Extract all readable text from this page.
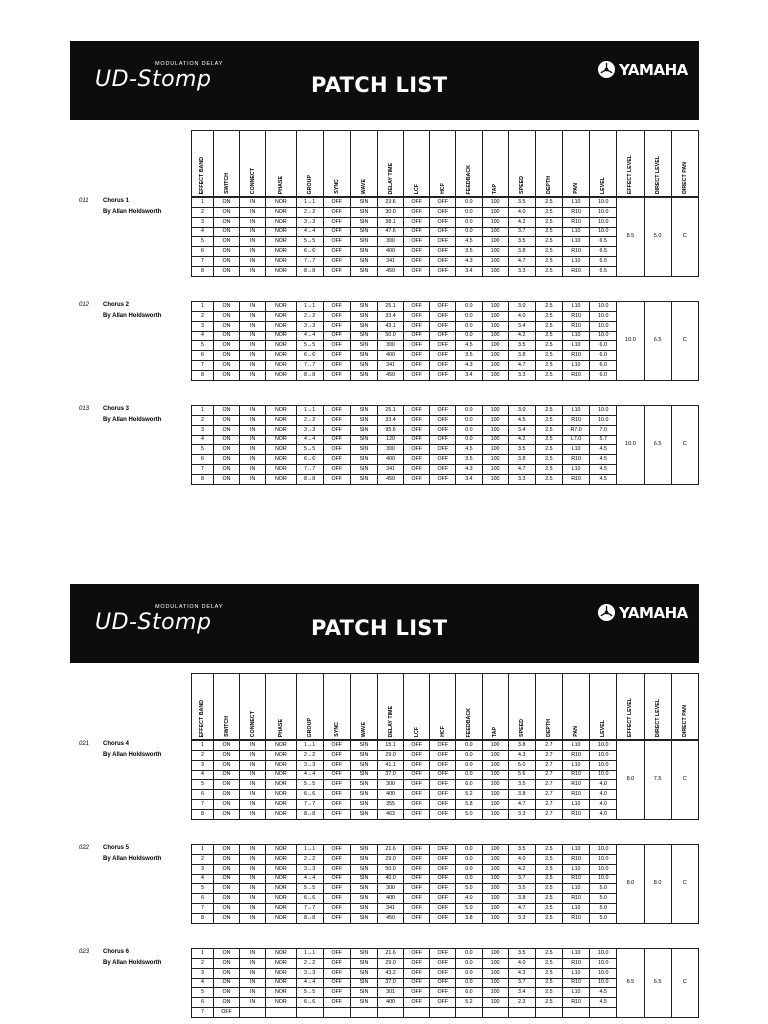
MODULATION DELAY
UD-Stomp	PATCH LIST
YAMAHA
MODULATION DELAY
UD-Stomp	PATCH LIST
YAMAHA
EFFECT BAND	SWITCH	CONNECT	PHASE	GROUP	SYNC	WAVE	DELAY TIME	LCF	HCF	FEEDBACK	TAP	SPEED	DEPTH	PAN	LEVEL	EFFECT LEVEL	DIRECT LEVEL	DIRECT PAN
EFFECT BAND	SWITCH	CONNECT	PHASE	GROUP	SYNC	WAVE	DELAY TIME	LCF	HCF	FEEDBACK	TAP	SPEED	DEPTH	PAN	LEVEL	EFFECT LEVEL	DIRECT LEVEL	DIRECT PAN
011 Chorus 1
By Allan Holdsworth
1	ON	IN	NOR	1→1	OFF	SIN	23.6	OFF	OFF	0.0	100	3.5	2.5	L10	10.0	8.5	5.0	C
2	ON	IN	NOR	2→2	OFF	SIN	30.0	OFF	OFF	0.0	100	4.0	2.5	R10	10.0			
3	ON	IN	NOR	3→3	OFF	SIN	38.1	OFF	OFF	0.0	100	4.2	2.5	R10	10.0			
4	ON	IN	NOR	4→4	OFF	SIN	47.6	OFF	OFF	0.0	100	3.7	2.5	L10	10.0			
5	ON	IN	NOR	5→5	OFF	SIN	300	OFF	OFF	4.5	100	3.5	2.5	L10	6.5			
6	ON	IN	NOR	6→6	OFF	SIN	400	OFF	OFF	3.5	100	3.8	2.5	R10	6.5			
7	ON	IN	NOR	7→7	OFF	SIN	341	OFF	OFF	4.3	100	4.7	2.5	L10	6.5			
8	ON	IN	NOR	8→8	OFF	SIN	450	OFF	OFF	3.4	100	3.3	2.5	R10	6.5			
012 Chorus 2
By Allan Holdsworth
1	ON	IN	NOR	1→1	OFF	SIN	25.1	OFF	OFF	0.0	100	3.0	2.5	L10	10.0	10.0	6.5	C
2	ON	IN	NOR	2→2	OFF	SIN	33.4	OFF	OFF	0.0	100	4.0	2.5	R10	10.0			
3	ON	IN	NOR	3→3	OFF	SIN	43.1	OFF	OFF	0.0	100	3.4	2.5	R10	10.0			
4	ON	IN	NOR	4→4	OFF	SIN	50.0	OFF	OFF	0.0	100	4.2	2.5	L10	10.0			
5	ON	IN	NOR	5→5	OFF	SIN	300	OFF	OFF	4.5	100	3.5	2.5	L10	6.0			
6	ON	IN	NOR	6→6	OFF	SIN	400	OFF	OFF	3.5	100	3.8	2.5	R10	6.0			
7	ON	IN	NOR	7→7	OFF	SIN	341	OFF	OFF	4.3	100	4.7	2.5	L10	6.0			
8	ON	IN	NOR	8→8	OFF	SIN	450	OFF	OFF	3.4	100	3.3	2.5	R10	6.0			
013 Chorus 3
By Allan Holdsworth
1	ON	IN	NOR	1→1	OFF	SIN	25.1	OFF	OFF	0.0	100	3.0	2.5	L10	10.0	10.0	6.5	C
2	ON	IN	NOR	2→2	OFF	SIN	33.4	OFF	OFF	0.0	100	4.5	2.5	R10	10.0			
3	ON	IN	NOR	3→3	OFF	SIN	95.6	OFF	OFF	0.0	100	3.4	2.5	R7.0	7.0			
4	ON	IN	NOR	4→4	OFF	SIN	120	OFF	OFF	0.0	100	4.2	2.5	L7.0	5.7			
5	ON	IN	NOR	5→5	OFF	SIN	300	OFF	OFF	4.5	100	3.5	2.5	L10	4.5			
6	ON	IN	NOR	6→6	OFF	SIN	400	OFF	OFF	3.5	100	3.8	2.5	R10	4.5			
7	ON	IN	NOR	7→7	OFF	SIN	341	OFF	OFF	4.3	100	4.7	2.5	L10	4.5			
8	ON	IN	NOR	8→8	OFF	SIN	450	OFF	OFF	3.4	100	3.3	2.5	R10	4.5			
021 Chorus 4
By Allan Holdsworth
1	ON	IN	NOR	1→1	OFF	SIN	15.1	OFF	OFF	0.0	100	3.8	2.7	L10	10.0	8.0	7.5	C
2	ON	IN	NOR	2→2	OFF	SIN	29.0	OFF	OFF	0.0	100	4.3	2.7	R10	10.0			
3	ON	IN	NOR	3→3	OFF	SIN	41.1	OFF	OFF	0.0	100	5.0	2.7	L10	10.0			
4	ON	IN	NOR	4→4	OFF	SIN	37.0	OFF	OFF	0.0	100	5.6	2.7	R10	10.0			
5	ON	IN	NOR	5→5	OFF	SIN	300	OFF	OFF	6.0	100	3.5	2.7	R10	4.0			
6	ON	IN	NOR	6→6	OFF	SIN	400	OFF	OFF	5.2	100	3.8	2.7	R10	4.0			
7	ON	IN	NOR	7→7	OFF	SIN	355	OFF	OFF	5.8	100	4.7	2.7	L10	4.0			
8	ON	IN	NOR	8→8	OFF	SIN	463	OFF	OFF	5.0	100	3.3	2.7	R10	4.0			
022 Chorus 5
By Allan Holdsworth
1	ON	IN	NOR	1→1	OFF	SIN	21.6	OFF	OFF	0.0	100	3.5	2.5	L10	10.0	8.0	8.0	C
2	ON	IN	NOR	2→2	OFF	SIN	29.0	OFF	OFF	0.0	100	4.0	2.5	R10	10.0			
3	ON	IN	NOR	3→3	OFF	SIN	50.0	OFF	OFF	0.0	100	4.2	2.5	L10	10.0			
4	ON	IN	NOR	4→4	OFF	SIN	40.0	OFF	OFF	0.0	100	3.7	2.5	R10	10.0			
5	ON	IN	NOR	5→5	OFF	SIN	300	OFF	OFF	5.0	100	3.5	2.5	L10	5.0			
6	ON	IN	NOR	6→6	OFF	SIN	400	OFF	OFF	4.0	100	3.8	2.5	R10	5.0			
7	ON	IN	NOR	7→7	OFF	SIN	341	OFF	OFF	5.0	100	4.7	2.5	L10	5.0			
8	ON	IN	NOR	8→8	OFF	SIN	450	OFF	OFF	3.8	100	3.3	2.5	R10	5.0			
023 Chorus 6
By Allan Holdsworth
1	ON	IN	NOR	1→1	OFF	SIN	21.6	OFF	OFF	0.0	100	3.5	2.5	L10	10.0	8.5	6.5	C
2	ON	IN	NOR	2→2	OFF	SIN	29.0	OFF	OFF	0.0	100	4.0	2.5	R10	10.0			
3	ON	IN	NOR	3→3	OFF	SIN	43.2	OFF	OFF	0.0	100	4.3	2.5	L10	10.0			
4	ON	IN	NOR	4→4	OFF	SIN	37.0	OFF	OFF	0.0	100	3.7	2.5	R10	10.0			
5	ON	IN	NOR	5→5	OFF	SIN	301	OFF	OFF	6.0	100	3.4	2.5	L10	4.5			
6	ON	IN	NOR	6→6	OFF	SIN	400	OFF	OFF	5.2	100	2.3	2.5	R10	4.5			
7	OFF																	
